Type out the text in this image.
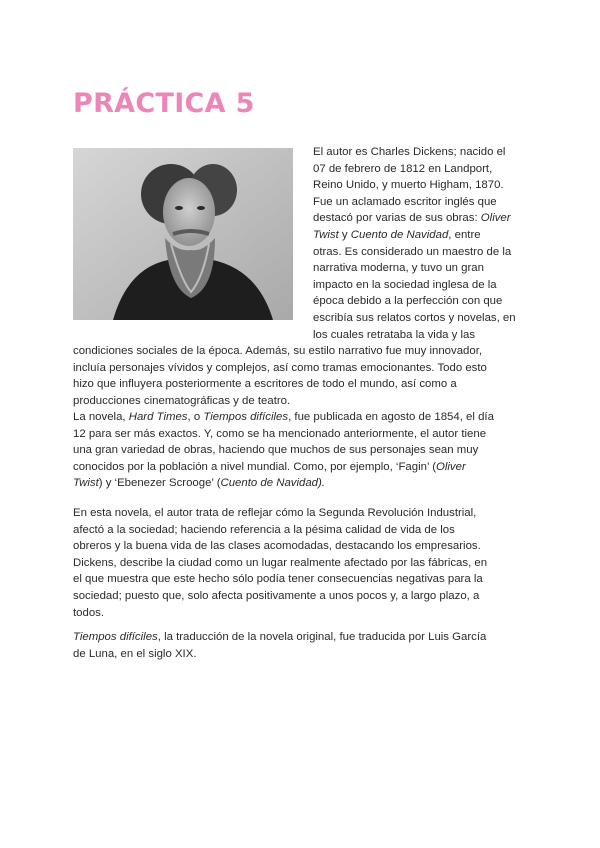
PRÁCTICA 5
El autor es Charles Dickens; nacido el
07 de febrero de 1812 en Landport,
Reino Unido, y muerto Higham, 1870.
Fue un aclamado escritor inglés que
destacó por varias de sus obras: Oliver
Twist y Cuento de Navidad, entre
otras. Es considerado un maestro de la
narrativa moderna, y tuvo un gran
impacto en la sociedad inglesa de la
época debido a la perfección con que
escribía sus relatos cortos y novelas, en
los cuales retrataba la vida y las
condiciones sociales de la época. Además, su estilo narrativo fue muy innovador,
incluía personajes vívidos y complejos, así como tramas emocionantes. Todo esto
hizo que influyera posteriormente a escritores de todo el mundo, así como a
producciones cinematográficas y de teatro.
La novela, Hard Times, o Tiempos difíciles, fue publicada en agosto de 1854, el día
12 para ser más exactos. Y, como se ha mencionado anteriormente, el autor tiene
una gran variedad de obras, haciendo que muchos de sus personajes sean muy
conocidos por la población a nivel mundial. Como, por ejemplo, ‘Fagin’ (Oliver
Twist) y ‘Ebenezer Scrooge’ (Cuento de Navidad).
En esta novela, el autor trata de reflejar cómo la Segunda Revolución Industrial,
afectó a la sociedad; haciendo referencia a la pésima calidad de vida de los
obreros y la buena vida de las clases acomodadas, destacando los empresarios.
Dickens, describe la ciudad como un lugar realmente afectado por las fábricas, en
el que muestra que este hecho sólo podía tener consecuencias negativas para la
sociedad; puesto que, solo afecta positivamente a unos pocos y, a largo plazo, a
todos.
Tiempos difíciles, la traducción de la novela original, fue traducida por Luis García
de Luna, en el siglo XIX.
